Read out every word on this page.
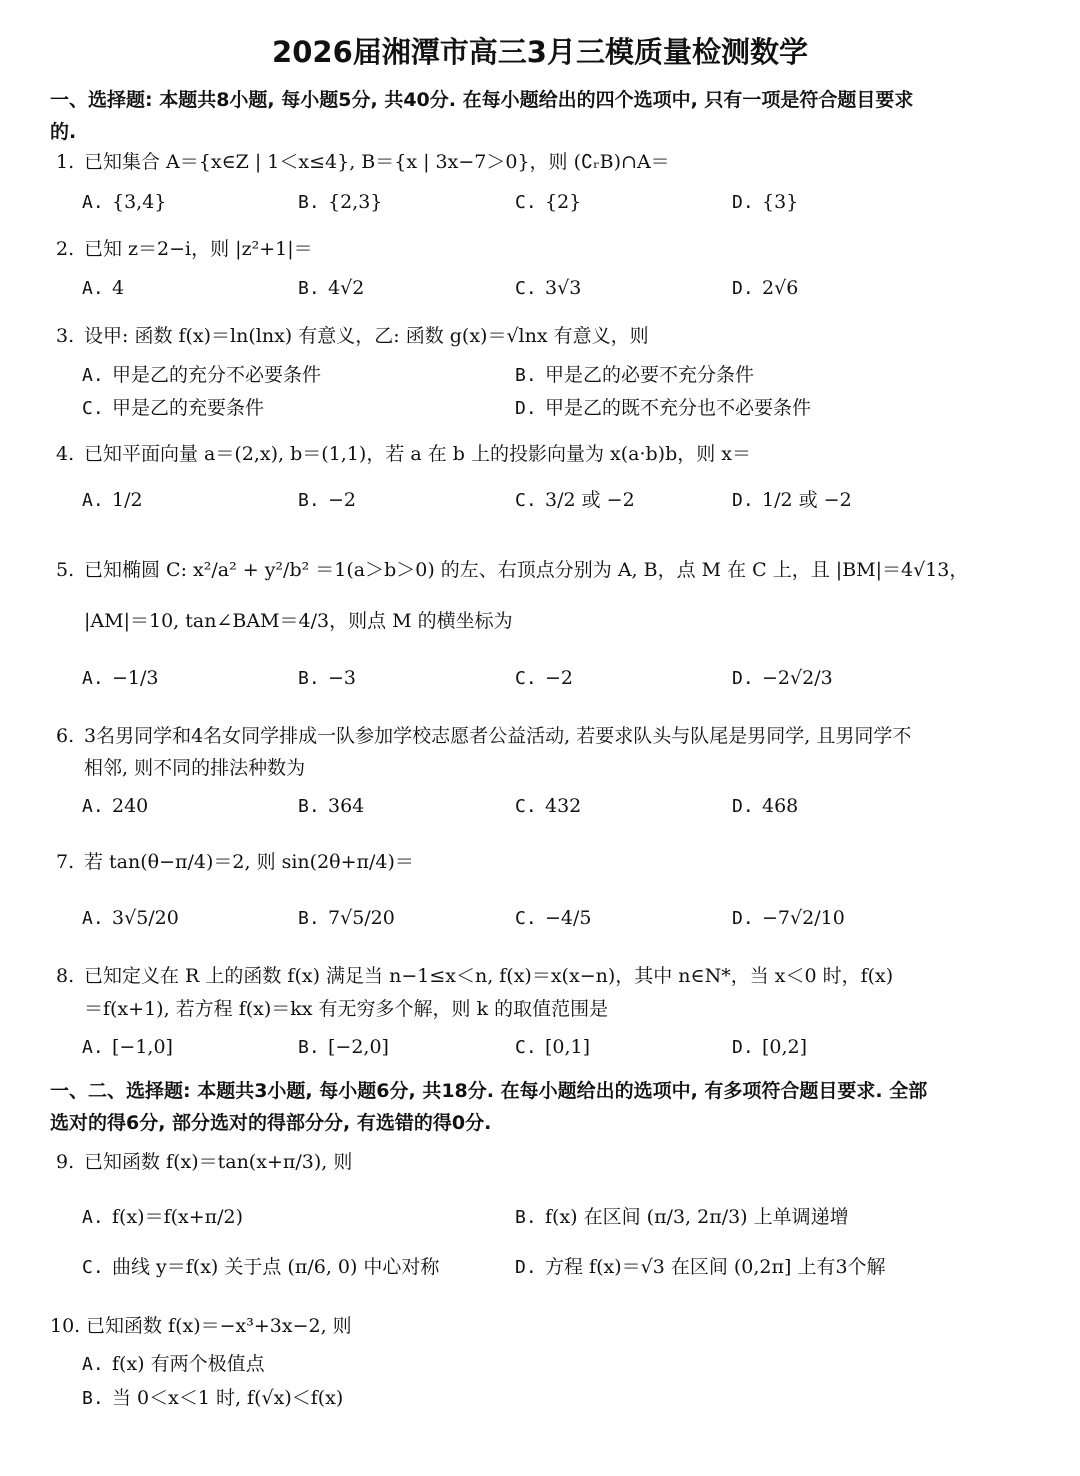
2026届湘潭市高三3月三模质量检测数学
一、选择题: 本题共8小题, 每小题5分, 共40分. 在每小题给出的四个选项中, 只有一项是符合题目要求
的.
1. 已知集合 A＝{x∈Z | 1＜x≤4}, B＝{x | 3x−7＞0}，则 (∁ᵣB)∩A＝
A. {3,4}	B. {2,3}	C. {2}	D. {3}
2. 已知 z＝2−i，则 |z²+1|＝
A. 4	B. 4√2	C. 3√3	D. 2√6
3. 设甲: 函数 f(x)＝ln(lnx) 有意义，乙: 函数 g(x)＝√lnx 有意义，则
A. 甲是乙的充分不必要条件	B. 甲是乙的必要不充分条件
C. 甲是乙的充要条件	D. 甲是乙的既不充分也不必要条件
4. 已知平面向量 a＝(2,x), b＝(1,1)，若 a 在 b 上的投影向量为 x(a·b)b，则 x＝
A. 1/2	B. −2	C. 3/2 或 −2	D. 1/2 或 −2
5. 已知椭圆 C: x²/a² + y²/b² ＝1(a＞b＞0) 的左、右顶点分别为 A, B，点 M 在 C 上，且 |BM|＝4√13，
|AM|＝10, tan∠BAM＝4/3，则点 M 的横坐标为
A. −1/3	B. −3	C. −2	D. −2√2/3
6. 3名男同学和4名女同学排成一队参加学校志愿者公益活动, 若要求队头与队尾是男同学, 且男同学不
相邻, 则不同的排法种数为
A. 240	B. 364	C. 432	D. 468
7. 若 tan(θ−π/4)＝2, 则 sin(2θ+π/4)＝
A. 3√5/20	B. 7√5/20	C. −4/5	D. −7√2/10
8. 已知定义在 R 上的函数 f(x) 满足当 n−1≤x＜n, f(x)＝x(x−n)，其中 n∈N*，当 x＜0 时，f(x)
＝f(x+1), 若方程 f(x)＝kx 有无穷多个解，则 k 的取值范围是
A. [−1,0]	B. [−2,0]	C. [0,1]	D. [0,2]
一、二、选择题: 本题共3小题, 每小题6分, 共18分. 在每小题给出的选项中, 有多项符合题目要求. 全部
选对的得6分, 部分选对的得部分分, 有选错的得0分.
9. 已知函数 f(x)＝tan(x+π/3), 则
A. f(x)＝f(x+π/2)	B. f(x) 在区间 (π/3, 2π/3) 上单调递增
C. 曲线 y＝f(x) 关于点 (π/6, 0) 中心对称	D. 方程 f(x)＝√3 在区间 (0,2π] 上有3个解
10. 已知函数 f(x)＝−x³+3x−2, 则
A. f(x) 有两个极值点
B. 当 0＜x＜1 时, f(√x)＜f(x)
